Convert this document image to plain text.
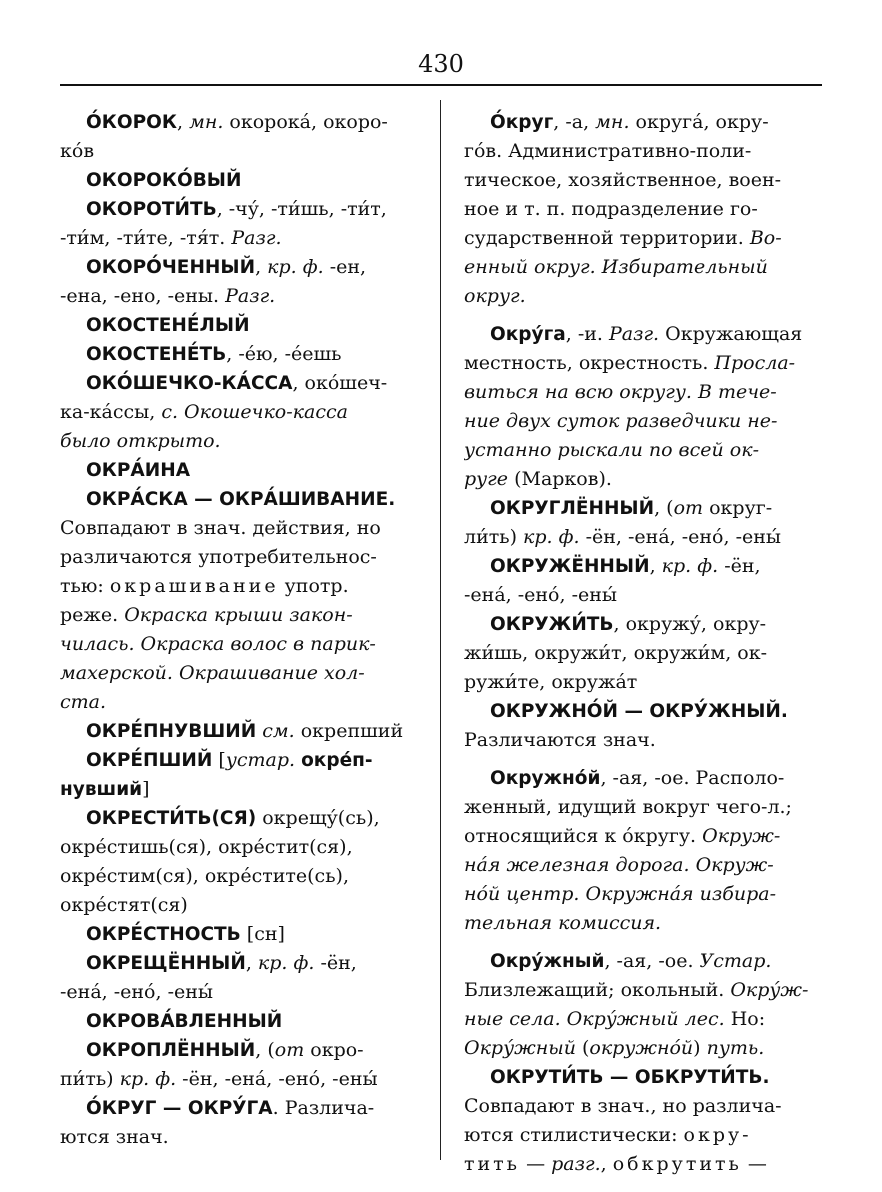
430
О́КОРОК, мн. окорока́, окоро-
ко́в
ОКОРОКО́ВЫЙ
ОКОРОТИ́ТЬ, -чу́, -ти́шь, -ти́т,
-ти́м, -ти́те, -тя́т. Разг.
ОКОРО́ЧЕННЫЙ, кр. ф. -ен,
-ена, -ено, -ены. Разг.
ОКОСТЕНЕ́ЛЫЙ
ОКОСТЕНЕ́ТЬ, -е́ю, -е́ешь
ОКО́ШЕЧКО-КА́ССА, око́шеч-
ка-ка́ссы, с. Окошечко-касса
было открыто.
ОКРА́ИНА
ОКРА́СКА — ОКРА́ШИВАНИЕ.
Совпадают в знач. действия, но
различаются употребительнос-
тью: окрашивание употр.
реже. Окраска крыши закон-
чилась. Окраска волос в парик-
махерской. Окрашивание хол-
ста.
ОКРЕ́ПНУВШИЙ см. окрепший
ОКРЕ́ПШИЙ [устар. окре́п-
нувший]
ОКРЕСТИ́ТЬ(СЯ) окрещу́(сь),
окре́стишь(ся), окре́стит(ся),
окре́стим(ся), окре́стите(сь),
окре́стят(ся)
ОКРЕ́СТНОСТЬ [сн]
ОКРЕЩЁННЫЙ, кр. ф. -ён,
-ена́, -ено́, -ены́
ОКРОВА́ВЛЕННЫЙ
ОКРОПЛЁННЫЙ, (от окро-
пи́ть) кр. ф. -ён, -ена́, -ено́, -ены́
О́КРУГ — ОКРУ́ГА. Различа-
ются знач.
О́круг, -а, мн. округа́, окру-
го́в. Административно-поли-
тическое, хозяйственное, воен-
ное и т. п. подразделение го-
сударственной территории. Во-
енный округ. Избирательный
округ.
Окру́га, -и. Разг. Окружающая
местность, окрестность. Просла-
виться на всю округу. В тече-
ние двух суток разведчики не-
устанно рыскали по всей ок-
руге (Марков).
ОКРУГЛЁННЫЙ, (от округ-
ли́ть) кр. ф. -ён, -ена́, -ено́, -ены́
ОКРУЖЁННЫЙ, кр. ф. -ён,
-ена́, -ено́, -ены́
ОКРУЖИ́ТЬ, окружу́, окру-
жи́шь, окружи́т, окружи́м, ок-
ружи́те, окружа́т
ОКРУЖНО́Й — ОКРУ́ЖНЫЙ.
Различаются знач.
Окружно́й, -ая, -ое. Располо-
женный, идущий вокруг чего-л.;
относящийся к о́кругу. Окруж-
на́я железная дорога. Окруж-
но́й центр. Окружна́я избира-
тельная комиссия.
Окру́жный, -ая, -ое. Устар.
Близлежащий; окольный. Окру́ж-
ные села. Окру́жный лес. Но:
Окру́жный (окружно́й) путь.
ОКРУТИ́ТЬ — ОБКРУТИ́ТЬ.
Совпадают в знач., но различа-
ются стилистически: окру-
тить — разг., обкрутить —
